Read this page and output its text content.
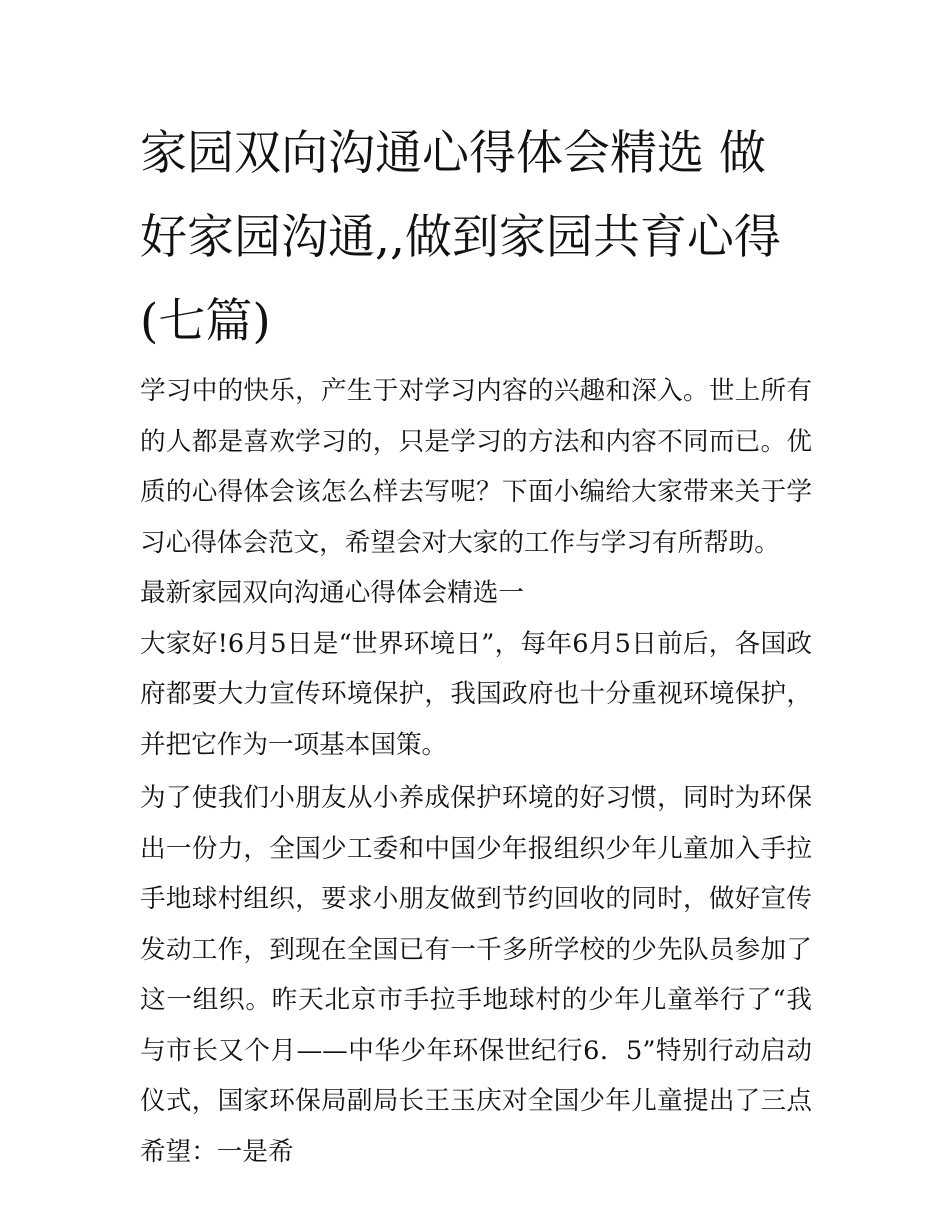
家园双向沟通心得体会精选 做好家园沟通,,做到家园共育心得(七篇)

学习中的快乐，产生于对学习内容的兴趣和深入。世上所有的人都是喜欢学习的，只是学习的方法和内容不同而已。优质的心得体会该怎么样去写呢？下面小编给大家带来关于学习心得体会范文，希望会对大家的工作与学习有所帮助。

最新家园双向沟通心得体会精选一

大家好!6月5日是“世界环境日”，每年6月5日前后，各国政府都要大力宣传环境保护，我国政府也十分重视环境保护，并把它作为一项基本国策。

为了使我们小朋友从小养成保护环境的好习惯，同时为环保出一份力，全国少工委和中国少年报组织少年儿童加入手拉手地球村组织，要求小朋友做到节约回收的同时，做好宣传发动工作，到现在全国已有一千多所学校的少先队员参加了这一组织。昨天北京市手拉手地球村的少年儿童举行了“我与市长又个月——中华少年环保世纪行6．5”特别行动启动仪式，国家环保局副局长王玉庆对全国少年儿童提出了三点希望：一是希
